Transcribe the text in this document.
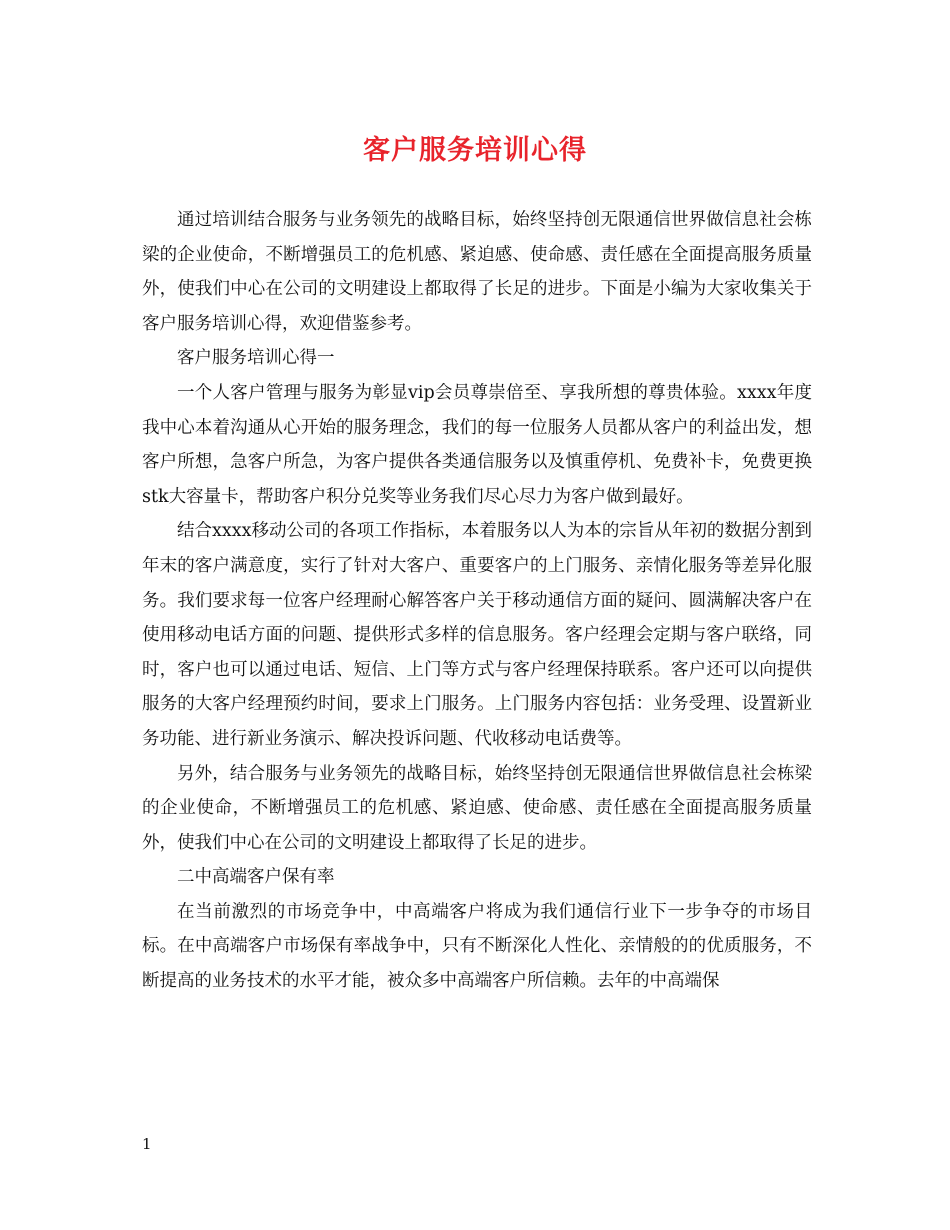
客户服务培训心得

通过培训结合服务与业务领先的战略目标，始终坚持创无限通信世界做信息社会栋梁的企业使命，不断增强员工的危机感、紧迫感、使命感、责任感在全面提高服务质量外，使我们中心在公司的文明建设上都取得了长足的进步。下面是小编为大家收集关于客户服务培训心得，欢迎借鉴参考。

客户服务培训心得一

一个人客户管理与服务为彰显vip会员尊崇倍至、享我所想的尊贵体验。xxxx年度我中心本着沟通从心开始的服务理念，我们的每一位服务人员都从客户的利益出发，想客户所想，急客户所急，为客户提供各类通信服务以及慎重停机、免费补卡，免费更换stk大容量卡，帮助客户积分兑奖等业务我们尽心尽力为客户做到最好。

结合xxxx移动公司的各项工作指标，本着服务以人为本的宗旨从年初的数据分割到年末的客户满意度，实行了针对大客户、重要客户的上门服务、亲情化服务等差异化服务。我们要求每一位客户经理耐心解答客户关于移动通信方面的疑问、圆满解决客户在使用移动电话方面的问题、提供形式多样的信息服务。客户经理会定期与客户联络，同时，客户也可以通过电话、短信、上门等方式与客户经理保持联系。客户还可以向提供服务的大客户经理预约时间，要求上门服务。上门服务内容包括：业务受理、设置新业务功能、进行新业务演示、解决投诉问题、代收移动电话费等。

另外，结合服务与业务领先的战略目标，始终坚持创无限通信世界做信息社会栋梁的企业使命，不断增强员工的危机感、紧迫感、使命感、责任感在全面提高服务质量外，使我们中心在公司的文明建设上都取得了长足的进步。

二中高端客户保有率

在当前激烈的市场竞争中，中高端客户将成为我们通信行业下一步争夺的市场目标。在中高端客户市场保有率战争中，只有不断深化人性化、亲情般的的优质服务，不断提高的业务技术的水平才能，被众多中高端客户所信赖。去年的中高端保

1
